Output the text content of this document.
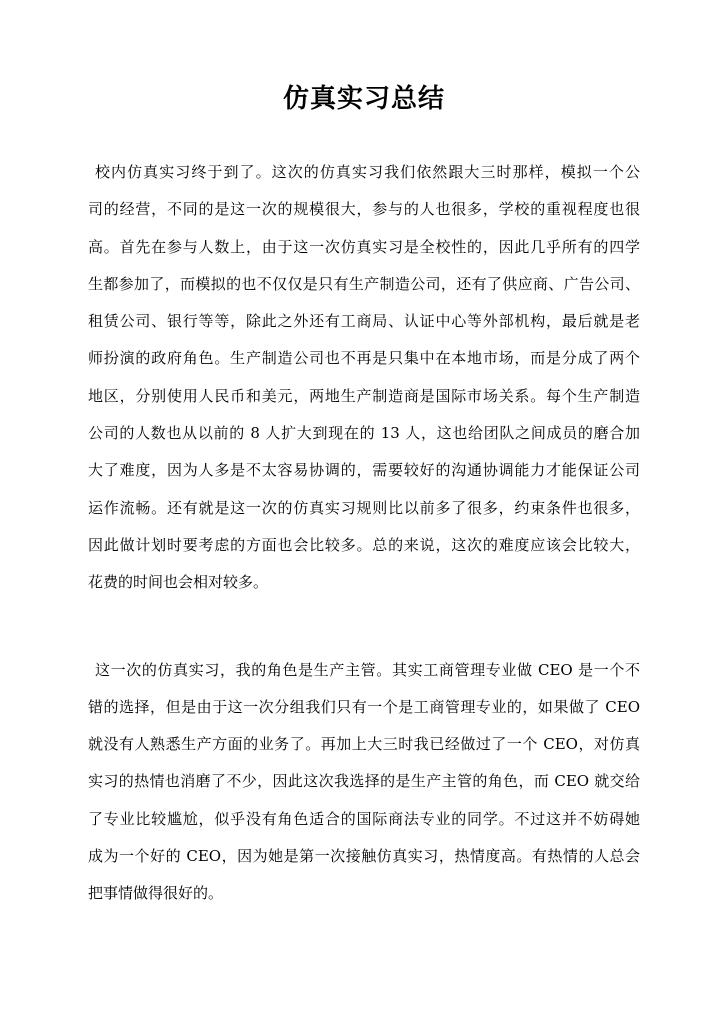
仿真实习总结
校内仿真实习终于到了。这次的仿真实习我们依然跟大三时那样，模拟一个公
司的经营，不同的是这一次的规模很大，参与的人也很多，学校的重视程度也很
高。首先在参与人数上，由于这一次仿真实习是全校性的，因此几乎所有的四学
生都参加了，而模拟的也不仅仅是只有生产制造公司，还有了供应商、广告公司、
租赁公司、银行等等，除此之外还有工商局、认证中心等外部机构，最后就是老
师扮演的政府角色。生产制造公司也不再是只集中在本地市场，而是分成了两个
地区，分别使用人民币和美元，两地生产制造商是国际市场关系。每个生产制造
公司的人数也从以前的 8 人扩大到现在的 13 人，这也给团队之间成员的磨合加
大了难度，因为人多是不太容易协调的，需要较好的沟通协调能力才能保证公司
运作流畅。还有就是这一次的仿真实习规则比以前多了很多，约束条件也很多，
因此做计划时要考虑的方面也会比较多。总的来说，这次的难度应该会比较大，
花费的时间也会相对较多。
这一次的仿真实习，我的角色是生产主管。其实工商管理专业做 CEO 是一个不
错的选择，但是由于这一次分组我们只有一个是工商管理专业的，如果做了 CEO
就没有人熟悉生产方面的业务了。再加上大三时我已经做过了一个 CEO，对仿真
实习的热情也消磨了不少，因此这次我选择的是生产主管的角色，而 CEO 就交给
了专业比较尴尬，似乎没有角色适合的国际商法专业的同学。不过这并不妨碍她
成为一个好的 CEO，因为她是第一次接触仿真实习，热情度高。有热情的人总会
把事情做得很好的。
